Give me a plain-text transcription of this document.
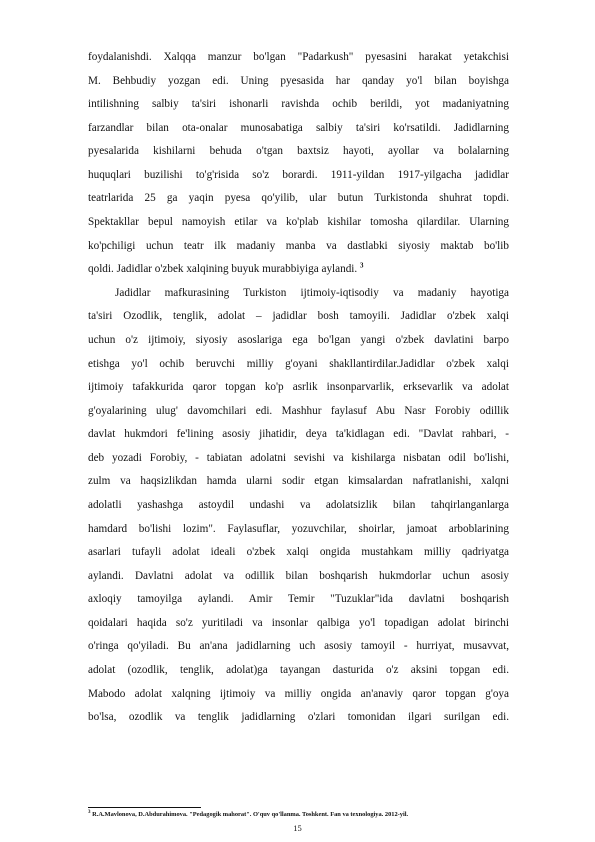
foydalanishdi. Xalqqa manzur bo'lgan "Padarkush" pyesasini harakat yetakchisi
M. Behbudiy yozgan edi. Uning pyesasida har qanday yo'l bilan boyishga
intilishning salbiy ta'siri ishonarli ravishda ochib berildi, yot madaniyatning
farzandlar bilan ota-onalar munosabatiga salbiy ta'siri ko'rsatildi. Jadidlarning
pyesalarida kishilarni behuda o'tgan baxtsiz hayoti, ayollar va bolalarning
huquqlari buzilishi to'g'risida so'z borardi. 1911-yildan 1917-yilgacha jadidlar
teatrlarida 25 ga yaqin pyesa qo'yilib, ular butun Turkistonda shuhrat topdi.
Spektakllar bepul namoyish etilar va ko'plab kishilar tomosha qilardilar. Ularning
ko'pchiligi uchun teatr ilk madaniy manba va dastlabki siyosiy maktab bo'lib
qoldi. Jadidlar o'zbek xalqining buyuk murabbiyiga aylandi. $^3$
Jadidlar mafkurasining Turkiston ijtimoiy-iqtisodiy va madaniy hayotiga
ta'siri Ozodlik, tenglik, adolat – jadidlar bosh tamoyili. Jadidlar o'zbek xalqi
uchun o'z ijtimoiy, siyosiy asoslariga ega bo'lgan yangi o'zbek davlatini barpo
etishga yo'l ochib beruvchi milliy g'oyani shakllantirdilar.Jadidlar o'zbek xalqi
ijtimoiy tafakkurida qaror topgan ko'p asrlik insonparvarlik, erksevarlik va adolat
g'oyalarining ulug' davomchilari edi. Mashhur faylasuf Abu Nasr Forobiy odillik
davlat hukmdori fe'lining asosiy jihatidir, deya ta'kidlagan edi. "Davlat rahbari, -
deb yozadi Forobiy, - tabiatan adolatni sevishi va kishilarga nisbatan odil bo'lishi,
zulm va haqsizlikdan hamda ularni sodir etgan kimsalardan nafratlanishi, xalqni
adolatli yashashga astoydil undashi va adolatsizlik bilan tahqirlanganlarga
hamdard bo'lishi lozim". Faylasuflar, yozuvchilar, shoirlar, jamoat arboblarining
asarlari tufayli adolat ideali o'zbek xalqi ongida mustahkam milliy qadriyatga
aylandi. Davlatni adolat va odillik bilan boshqarish hukmdorlar uchun asosiy
axloqiy tamoyilga aylandi. Amir Temir "Tuzuklar"ida davlatni boshqarish
qoidalari haqida so'z yuritiladi va insonlar qalbiga yo'l topadigan adolat birinchi
o'ringa qo'yiladi. Bu an'ana jadidlarning uch asosiy tamoyil - hurriyat, musavvat,
adolat (ozodlik, tenglik, adolat)ga tayangan dasturida o'z aksini topgan edi.
Mabodo adolat xalqning ijtimoiy va milliy ongida an'anaviy qaror topgan g'oya
bo'lsa, ozodlik va tenglik jadidlarning o'zlari tomonidan ilgari surilgan edi.
$^3$ R.A.Mavlonova, D.Abdurahimova. "Pedagogik mahorat". O'quv qo'llanma. Toshkent. Fan va texnologiya. 2012-yil.
15
